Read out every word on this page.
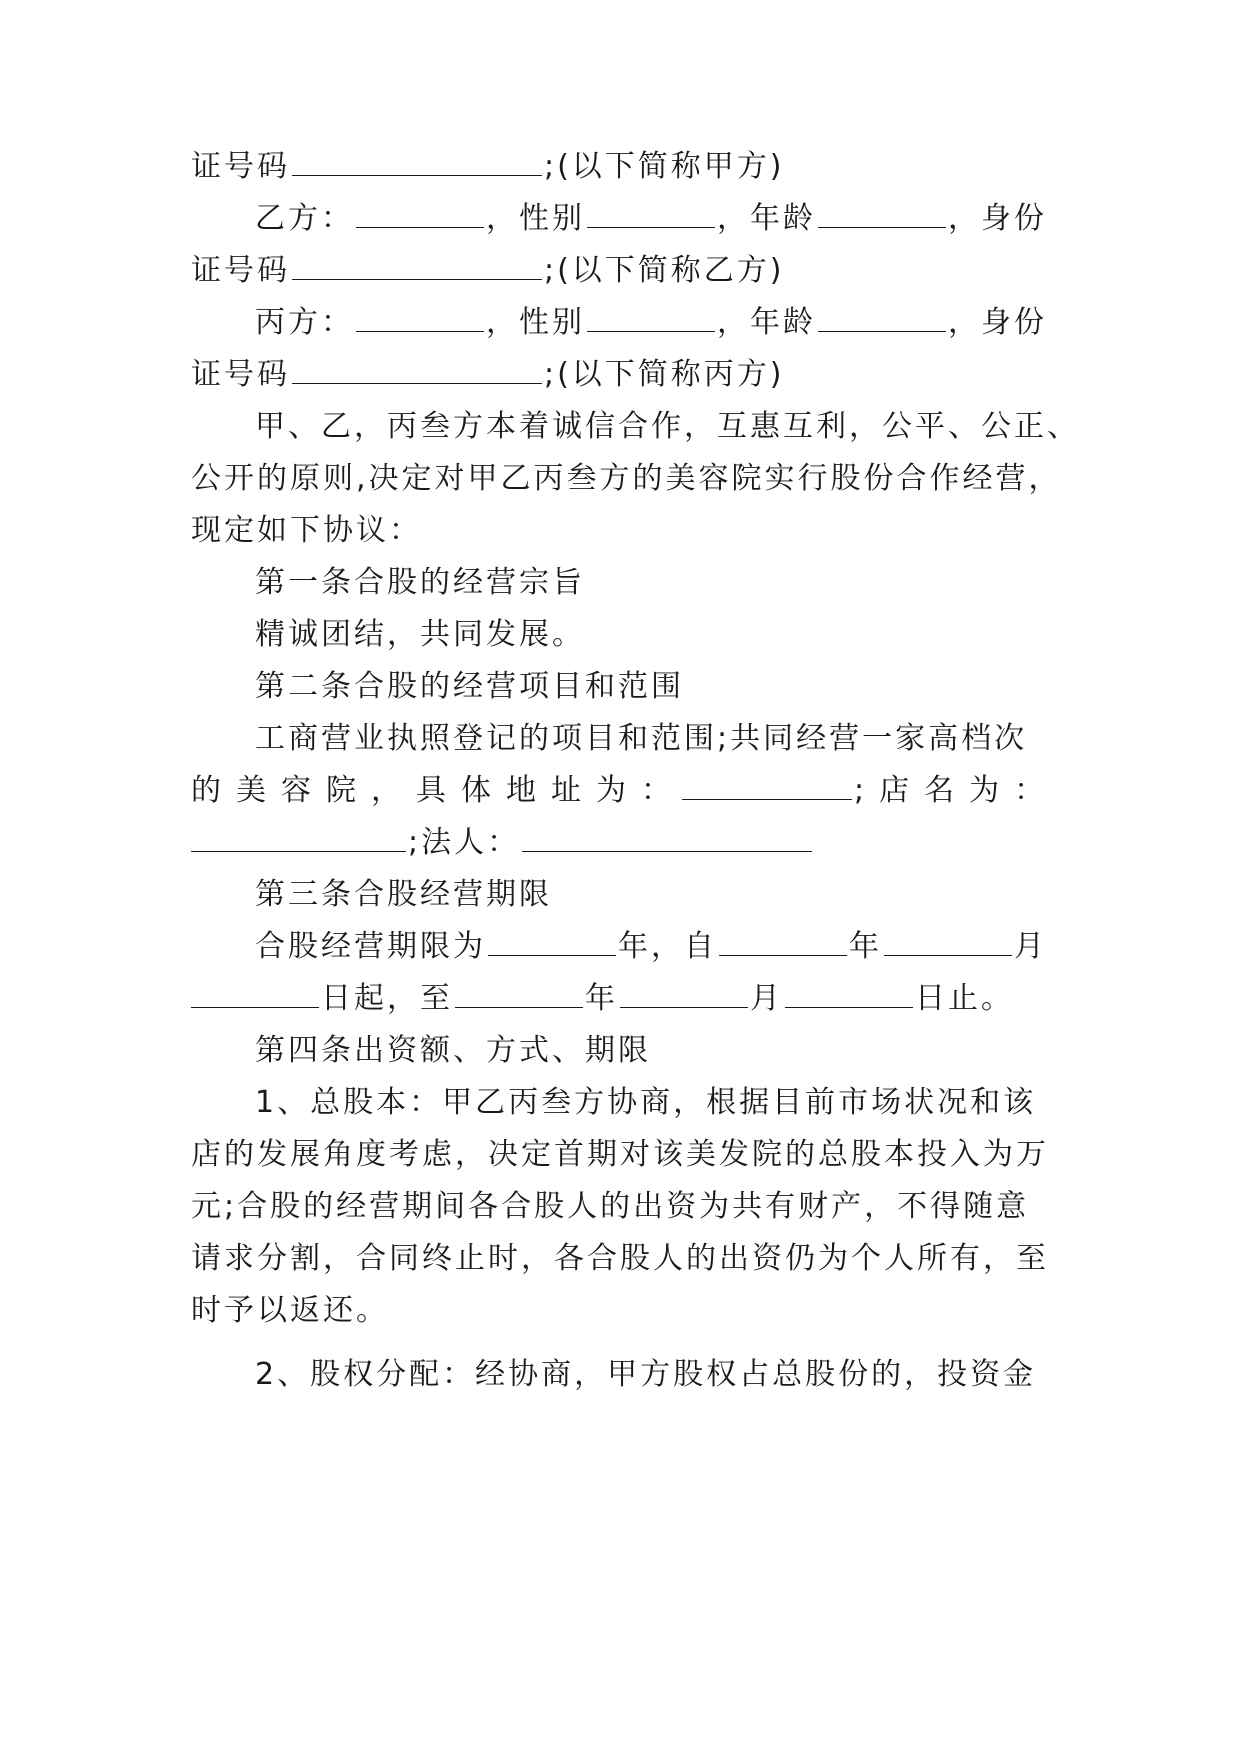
证号码	;(以下简称甲方)
乙方：	，性别	，年龄	，身份
证号码	;(以下简称乙方)
丙方：	，性别	，年龄	，身份
证号码	;(以下简称丙方)
甲、乙，丙叁方本着诚信合作，互惠互利，公平、公正、
公开的原则,决定对甲乙丙叁方的美容院实行股份合作经营，
现定如下协议：
第一条合股的经营宗旨
精诚团结，共同发展。
第二条合股的经营项目和范围
工商营业执照登记的项目和范围;共同经营一家高档次
的美容院，具体地址为：	;店名为：
;法人：
第三条合股经营期限
合股经营期限为	年，自	年	月
日起，至	年	月	日止。
第四条出资额、方式、期限
1、总股本：甲乙丙叁方协商，根据目前市场状况和该
店的发展角度考虑，决定首期对该美发院的总股本投入为万
元;合股的经营期间各合股人的出资为共有财产，不得随意
请求分割，合同终止时，各合股人的出资仍为个人所有，至
时予以返还。
2、股权分配：经协商，甲方股权占总股份的，投资金
